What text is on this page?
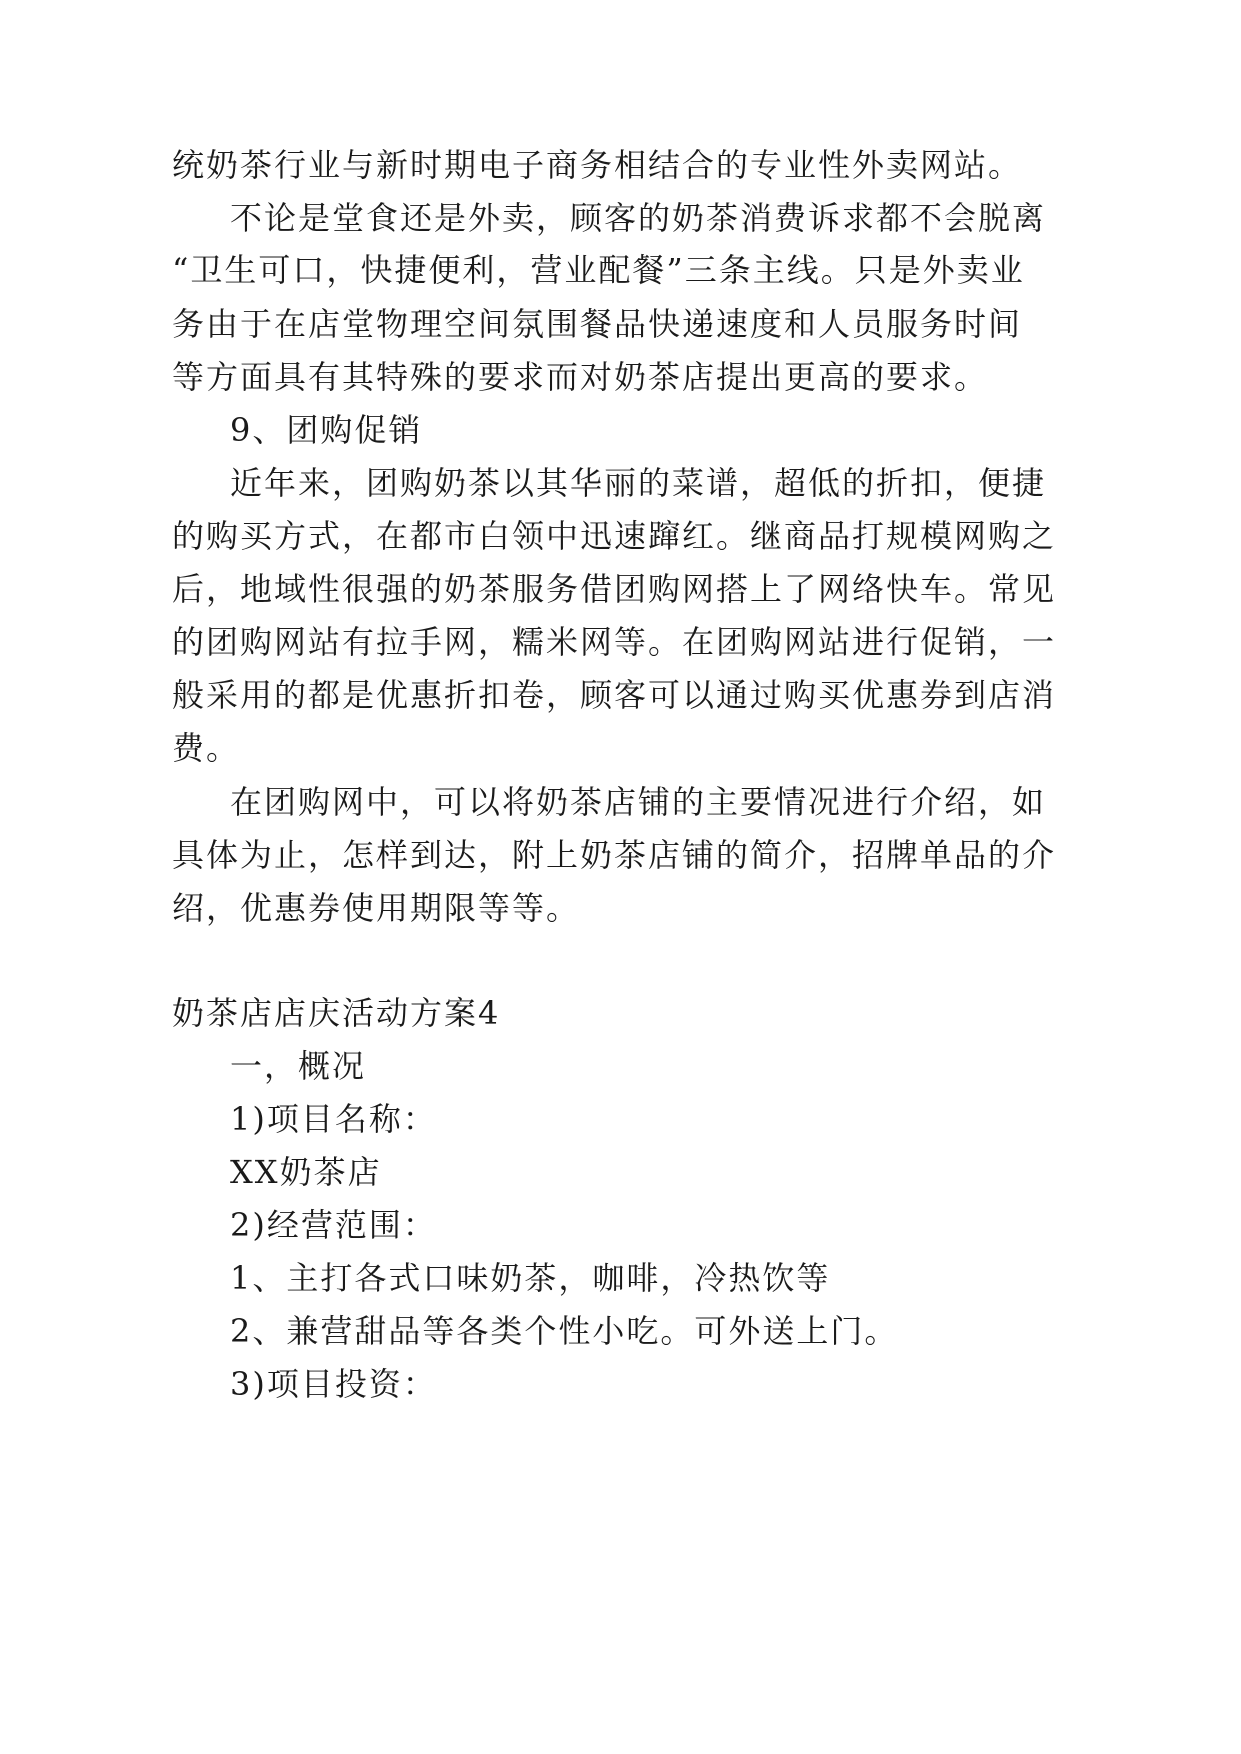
统奶茶行业与新时期电子商务相结合的专业性外卖网站。

不论是堂食还是外卖，顾客的奶茶消费诉求都不会脱离

“卫生可口，快捷便利，营业配餐”三条主线。只是外卖业

务由于在店堂物理空间氛围餐品快递速度和人员服务时间

等方面具有其特殊的要求而对奶茶店提出更高的要求。

9、团购促销

近年来，团购奶茶以其华丽的菜谱，超低的折扣，便捷

的购买方式，在都市白领中迅速蹿红。继商品打规模网购之

后，地域性很强的奶茶服务借团购网搭上了网络快车。常见

的团购网站有拉手网，糯米网等。在团购网站进行促销，一

般采用的都是优惠折扣卷，顾客可以通过购买优惠券到店消

费。

在团购网中，可以将奶茶店铺的主要情况进行介绍，如

具体为止，怎样到达，附上奶茶店铺的简介，招牌单品的介

绍，优惠券使用期限等等。

奶茶店店庆活动方案4

一，概况

1)项目名称：

XX奶茶店

2)经营范围：

1、主打各式口味奶茶，咖啡，冷热饮等

2、兼营甜品等各类个性小吃。可外送上门。

3)项目投资：
